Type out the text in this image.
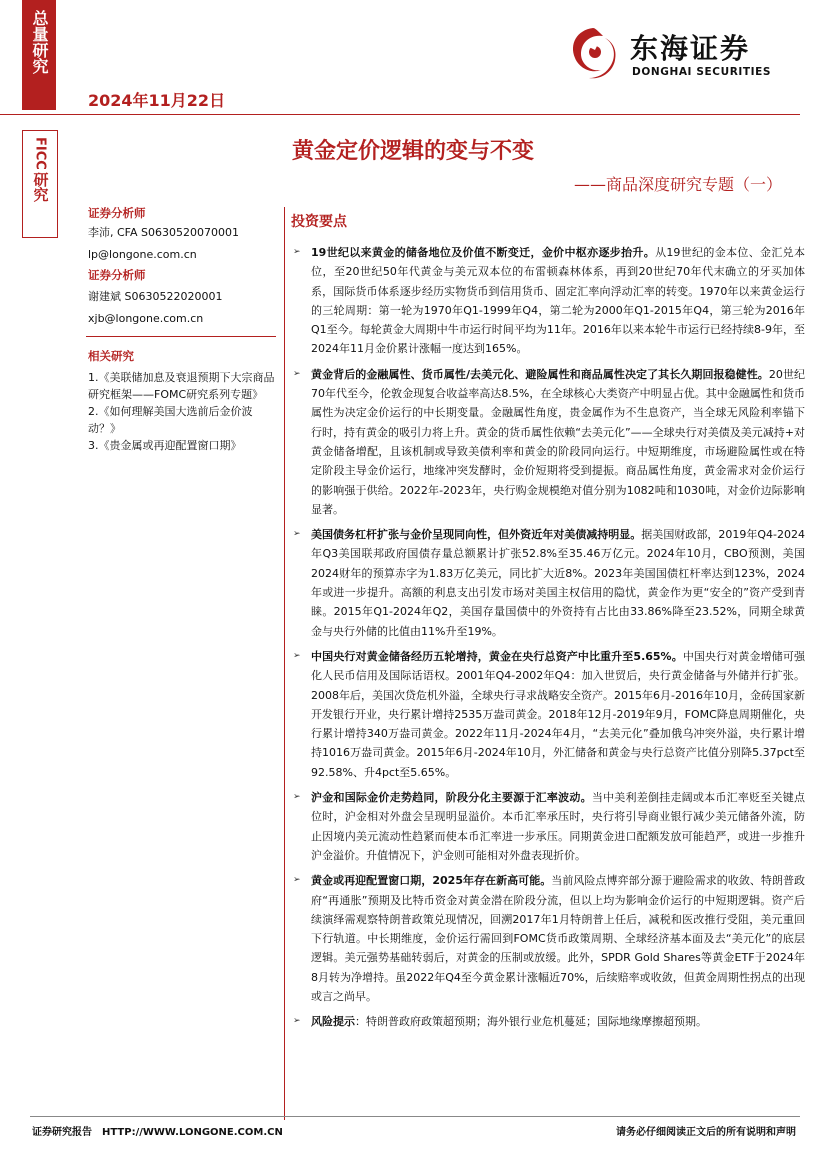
总量研究
FICC
研究
2024年11月22日
东海证券
DONGHAI SECURITIES
黄金定价逻辑的变与不变
——商品深度研究专题（一）
证券分析师
李沛, CFA S0630520070001
lp@longone.com.cn
证券分析师
谢建斌 S0630522020001
xjb@longone.com.cn
相关研究
1.《美联储加息及衰退预期下大宗商品研究框架——FOMC研究系列专题》
2.《如何理解美国大选前后金价波动？》
3.《贵金属或再迎配置窗口期》
投资要点
➢ 19世纪以来黄金的储备地位及价值不断变迁，金价中枢亦逐步抬升。从19世纪的金本位、金汇兑本位，至20世纪50年代黄金与美元双本位的布雷顿森林体系，再到20世纪70年代末确立的牙买加体系，国际货币体系逐步经历实物货币到信用货币、固定汇率向浮动汇率的转变。1970年以来黄金运行的三轮周期：第一轮为1970年Q1-1999年Q4，第二轮为2000年Q1-2015年Q4，第三轮为2016年Q1至今。每轮黄金大周期中牛市运行时间平均为11年。2016年以来本轮牛市运行已经持续8-9年，至2024年11月金价累计涨幅一度达到165%。
➢ 黄金背后的金融属性、货币属性/去美元化、避险属性和商品属性决定了其长久期回报稳健性。20世纪70年代至今，伦敦金现复合收益率高达8.5%，在全球核心大类资产中明显占优。其中金融属性和货币属性为决定金价运行的中长期变量。金融属性角度，贵金属作为不生息资产，当全球无风险利率锚下行时，持有黄金的吸引力将上升。黄金的货币属性依赖“去美元化”——全球央行对美债及美元减持+对黄金储备增配，且该机制或导致美债利率和黄金的阶段同向运行。中短期维度，市场避险属性或在特定阶段主导金价运行，地缘冲突发酵时，金价短期将受到提振。商品属性角度，黄金需求对金价运行的影响强于供给。2022年-2023年，央行购金规模绝对值分别为1082吨和1030吨，对金价边际影响显著。
➢ 美国债务杠杆扩张与金价呈现同向性，但外资近年对美债减持明显。据美国财政部，2019年Q4-2024年Q3美国联邦政府国债存量总额累计扩张52.8%至35.46万亿元。2024年10月，CBO预测，美国2024财年的预算赤字为1.83万亿美元，同比扩大近8%。2023年美国国债杠杆率达到123%，2024年或进一步提升。高额的利息支出引发市场对美国主权信用的隐忧，黄金作为更“安全的”资产受到青睐。2015年Q1-2024年Q2，美国存量国债中的外资持有占比由33.86%降至23.52%，同期全球黄金与央行外储的比值由11%升至19%。
➢ 中国央行对黄金储备经历五轮增持，黄金在央行总资产中比重升至5.65%。中国央行对黄金增储可强化人民币信用及国际话语权。2001年Q4-2002年Q4：加入世贸后，央行黄金储备与外储并行扩张。2008年后，美国次贷危机外溢，全球央行寻求战略安全资产。2015年6月-2016年10月，金砖国家新开发银行开业，央行累计增持2535万盎司黄金。2018年12月-2019年9月，FOMC降息周期催化，央行累计增持340万盎司黄金。2022年11月-2024年4月，“去美元化”叠加俄乌冲突外溢，央行累计增持1016万盎司黄金。2015年6月-2024年10月，外汇储备和黄金与央行总资产比值分别降5.37pct至92.58%、升4pct至5.65%。
➢ 沪金和国际金价走势趋同，阶段分化主要源于汇率波动。当中美利差倒挂走阔或本币汇率贬至关键点位时，沪金相对外盘会呈现明显溢价。本币汇率承压时，央行将引导商业银行减少美元储备外流，防止因境内美元流动性趋紧而使本币汇率进一步承压。同期黄金进口配额发放可能趋严，或进一步推升沪金溢价。升值情况下，沪金则可能相对外盘表现折价。
➢ 黄金或再迎配置窗口期，2025年存在新高可能。当前风险点博弈部分源于避险需求的收敛、特朗普政府“再通胀”预期及比特币资金对黄金潜在阶段分流，但以上均为影响金价运行的中短期逻辑。资产后续演绎需观察特朗普政策兑现情况，回溯2017年1月特朗普上任后，减税和医改推行受阻，美元重回下行轨道。中长期维度，金价运行需回到FOMC货币政策周期、全球经济基本面及去“美元化”的底层逻辑。美元强势基础转弱后，对黄金的压制或放缓。此外，SPDR Gold Shares等黄金ETF于2024年8月转为净增持。虽2022年Q4至今黄金累计涨幅近70%，后续赔率或收敛，但黄金周期性拐点的出现或言之尚早。
➢ 风险提示：特朗普政府政策超预期；海外银行业危机蔓延；国际地缘摩擦超预期。
证券研究报告　HTTP://WWW.LONGONE.COM.CN	请务必仔细阅读正文后的所有说明和声明
